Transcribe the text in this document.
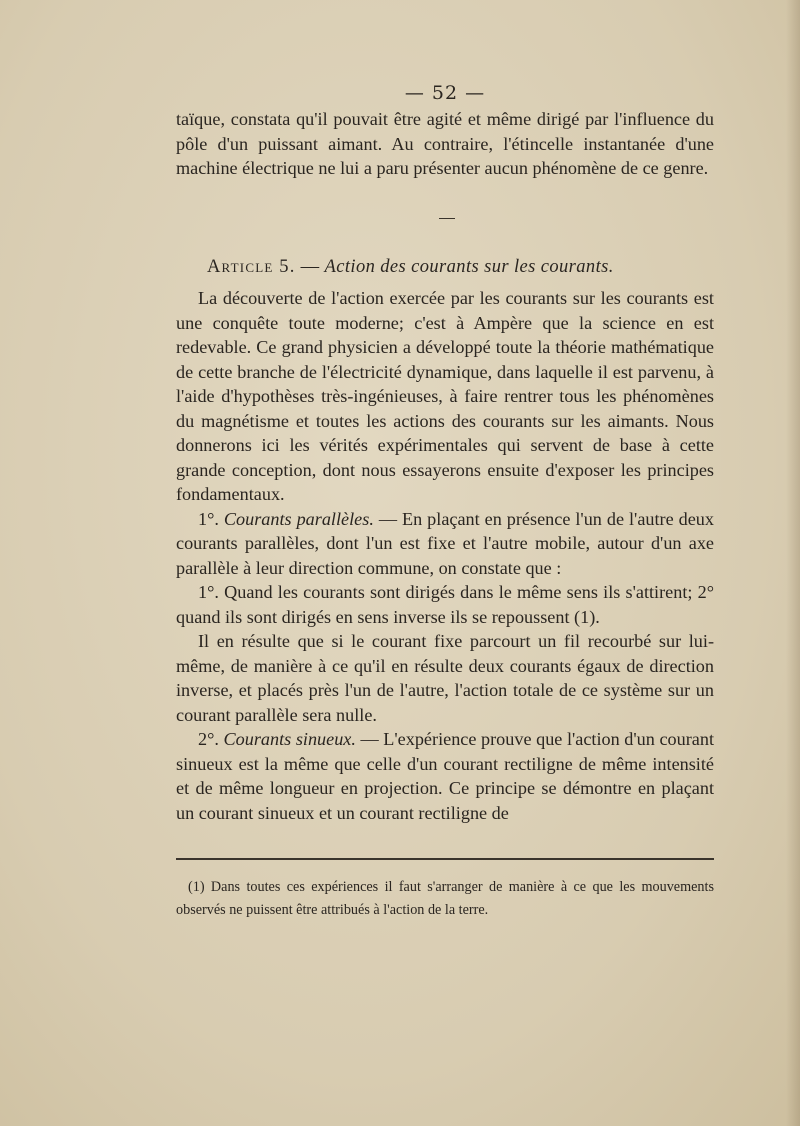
— 52 —

taïque, constata qu'il pouvait être agité et même dirigé par l'influence du pôle d'un puissant aimant. Au contraire, l'étincelle instantanée d'une machine électrique ne lui a paru présenter aucun phénomène de ce genre.

Article 5. — Action des courants sur les courants.

La découverte de l'action exercée par les courants sur les courants est une conquête toute moderne; c'est à Ampère que la science en est redevable. Ce grand physicien a développé toute la théorie mathématique de cette branche de l'électricité dynamique, dans laquelle il est parvenu, à l'aide d'hypothèses très-ingénieuses, à faire rentrer tous les phénomènes du magnétisme et toutes les actions des courants sur les aimants. Nous donnerons ici les vérités expérimentales qui servent de base à cette grande conception, dont nous essayerons ensuite d'exposer les principes fondamentaux.

1°. Courants parallèles. — En plaçant en présence l'un de l'autre deux courants parallèles, dont l'un est fixe et l'autre mobile, autour d'un axe parallèle à leur direction commune, on constate que :

1°. Quand les courants sont dirigés dans le même sens ils s'attirent; 2° quand ils sont dirigés en sens inverse ils se repoussent (1).

Il en résulte que si le courant fixe parcourt un fil recourbé sur lui-même, de manière à ce qu'il en résulte deux courants égaux de direction inverse, et placés près l'un de l'autre, l'action totale de ce système sur un courant parallèle sera nulle.

2°. Courants sinueux. — L'expérience prouve que l'action d'un courant sinueux est la même que celle d'un courant rectiligne de même intensité et de même longueur en projection. Ce principe se démontre en plaçant un courant sinueux et un courant rectiligne de

(1) Dans toutes ces expériences il faut s'arranger de manière à ce que les mouvements observés ne puissent être attribués à l'action de la terre.
